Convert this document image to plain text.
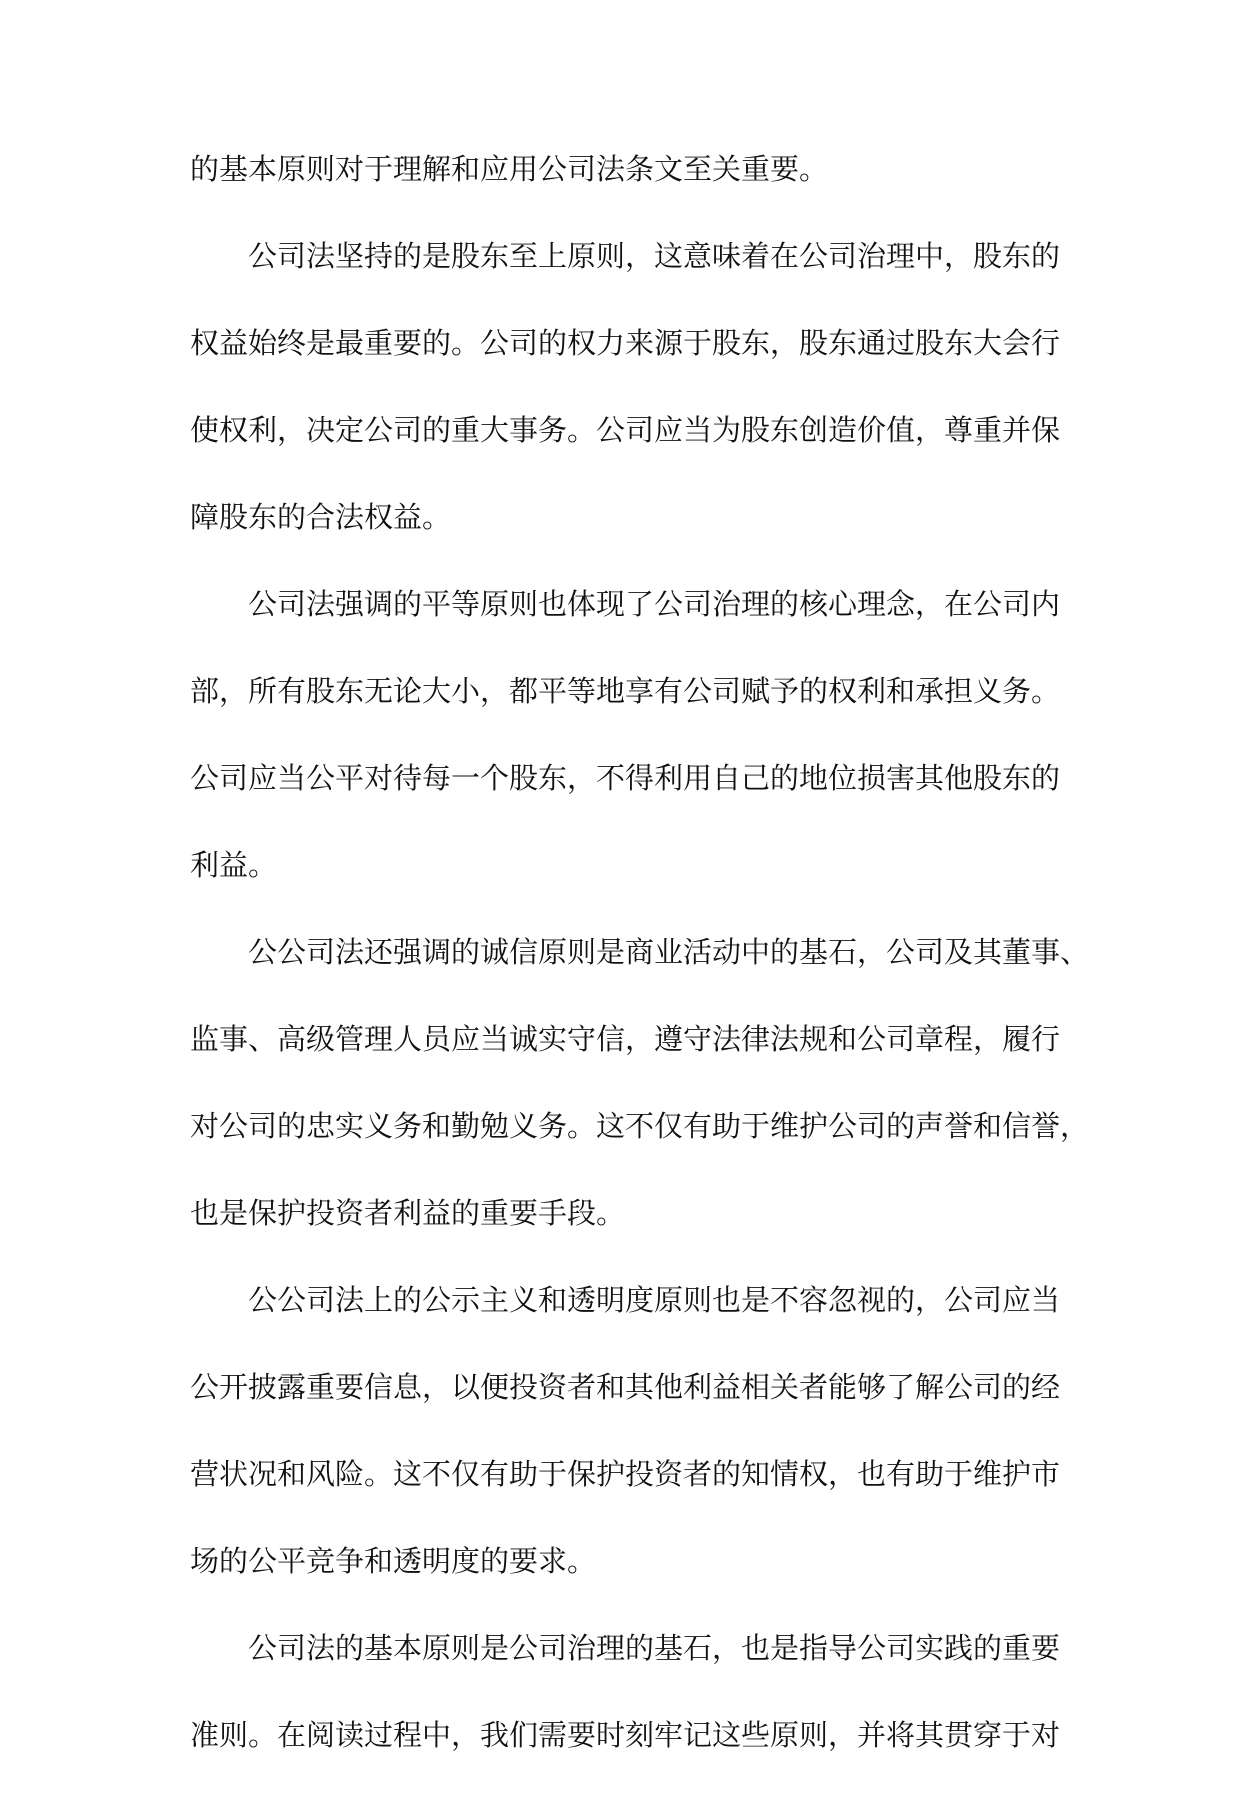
的基本原则对于理解和应用公司法条文至关重要。
公司法坚持的是股东至上原则，这意味着在公司治理中，股东的
权益始终是最重要的。公司的权力来源于股东，股东通过股东大会行
使权利，决定公司的重大事务。公司应当为股东创造价值，尊重并保
障股东的合法权益。
公司法强调的平等原则也体现了公司治理的核心理念，在公司内
部，所有股东无论大小，都平等地享有公司赋予的权利和承担义务。
公司应当公平对待每一个股东，不得利用自己的地位损害其他股东的
利益。
公公司法还强调的诚信原则是商业活动中的基石，公司及其董事、
监事、高级管理人员应当诚实守信，遵守法律法规和公司章程，履行
对公司的忠实义务和勤勉义务。这不仅有助于维护公司的声誉和信誉，
也是保护投资者利益的重要手段。
公公司法上的公示主义和透明度原则也是不容忽视的，公司应当
公开披露重要信息，以便投资者和其他利益相关者能够了解公司的经
营状况和风险。这不仅有助于保护投资者的知情权，也有助于维护市
场的公平竞争和透明度的要求。
公司法的基本原则是公司治理的基石，也是指导公司实践的重要
准则。在阅读过程中，我们需要时刻牢记这些原则，并将其贯穿于对
